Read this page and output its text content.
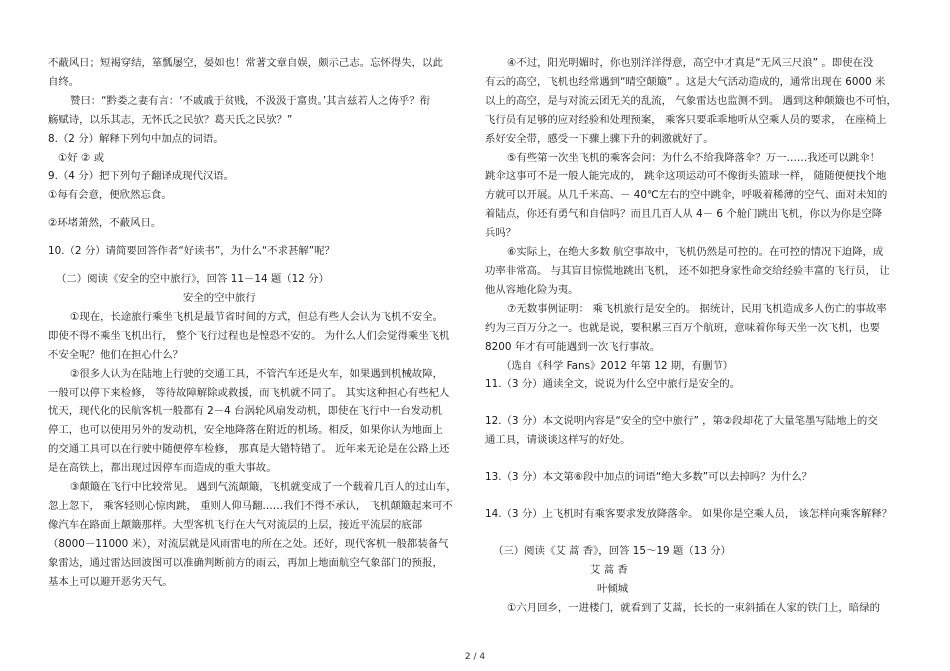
不蔽风日；短褐穿结，箪瓢屡空，晏如也！常著文章自娱，颇示己志。忘怀得失，以此
自终。
赞曰：“黔娄之妻有言：‘不戚戚于贫贱，不汲汲于富贵。’其言兹若人之俦乎？衔
觞赋诗，以乐其志，无怀氏之民欤？葛天氏之民欤？”
8.（2 分）解释下列句中加点的词语。
①好 ② 或
9.（4 分）把下列句子翻译成现代汉语。
①每有会意，便欣然忘食。
②环堵萧然，不蔽风日。
10.（2 分）请简要回答作者“好读书”，为什么“不求甚解”呢？
（二）阅读《安全的空中旅行》，回答 11－14 题（12 分）
安全的空中旅行
①现在，长途旅行乘坐飞机是最节省时间的方式，但总有些人会认为飞机不安全。
即使不得不乘坐飞机出行， 整个飞行过程也是惶恐不安的。 为什么人们会觉得乘坐飞机
不安全呢？他们在担心什么？
②很多人认为在陆地上行驶的交通工具，不管汽车还是火车，如果遇到机械故障，
一般可以停下来检修， 等待故障解除或救援，而飞机就不同了。 其实这种担心有些杞人
忧天，现代化的民航客机一般都有 2－4 台涡轮风扇发动机，即使在飞行中一台发动机
停工，也可以使用另外的发动机，安全地降落在附近的机场。相反，如果你认为地面上
的交通工具可以在行驶中随便停车检修， 那真是大错特错了。 近年来无论是在公路上还
是在高铁上，都出现过因停车而造成的重大事故。
③颠簸在飞行中比较常见。 遇到气流颠簸，飞机就变成了一个载着几百人的过山车，
忽上忽下， 乘客轻则心惊肉跳， 重则人仰马翻……我们不得不承认， 飞机颠簸起来可不
像汽车在路面上颠簸那样。大型客机飞行在大气对流层的上层，接近平流层的底部
（8000－11000 米），对流层就是风雨雷电的所在之处。还好，现代客机一般都装备气
象雷达，通过雷达回波图可以准确判断前方的雨云，再加上地面航空气象部门的预报，
基本上可以避开恶劣天气。
④不过，阳光明媚时，你也别洋洋得意，高空中才真是“无风三尺浪” 。即使在没
有云的高空，飞机也经常遇到“晴空颠簸” 。这是大气活动造成的，通常出现在 6000 米
以上的高空，是与对流云团无关的乱流， 气象雷达也监测不到。 遇到这种颠簸也不可怕，
飞行员有足够的应对经验和处理预案， 乘客只要乖乖地听从空乘人员的要求， 在座椅上
系好安全带，感受一下骤上骤下升的刺激就好了。
⑤有些第一次坐飞机的乘客会问：为什么不给我降落伞？万一……我还可以跳伞！
跳伞这事可不是一般人能完成的， 跳伞这项运动可不像街头篮球一样， 随随便便找个地
方就可以开展。从几千米高、－ 40℃左右的空中跳伞，呼吸着稀薄的空气、面对未知的
着陆点，你还有勇气和自信吗？而且几百人从 4－ 6 个舱门跳出飞机，你以为你是空降
兵吗？
⑥实际上，在绝大多数 航空事故中，飞机仍然是可控的。在可控的情况下迫降，成
功率非常高。 与其盲目惊慌地跳出飞机， 还不如把身家性命交给经验丰富的飞行员， 让
他从容地化险为夷。
⑦无数事例证明： 乘飞机旅行是安全的。 据统计，民用飞机造成多人伤亡的事故率
约为三百万分之一。也就是说，要积累三百万个航班，意味着你每天坐一次飞机，也要
8200 年才有可能遇到一次飞行事故。
（选自《科学 Fans》2012 年第 12 期，有删节）
11.（3 分）通读全文，说说为什么空中旅行是安全的。
12.（3 分）本文说明内容是“安全的空中旅行” ，第②段却花了大量笔墨写陆地上的交
通工具，请谈谈这样写的好处。
13.（3 分）本文第⑥段中加点的词语“绝大多数”可以去掉吗？为什么？
14.（3 分）上飞机时有乘客要求发放降落伞。 如果你是空乘人员， 该怎样向乘客解释？
（三）阅读《艾 蒿 香》，回答 15～19 题（13 分）
艾 蒿 香
叶倾城
①六月回乡，一进楼门，就看到了艾蒿，长长的一束斜插在人家的铁门上，暗绿的
2 / 4
